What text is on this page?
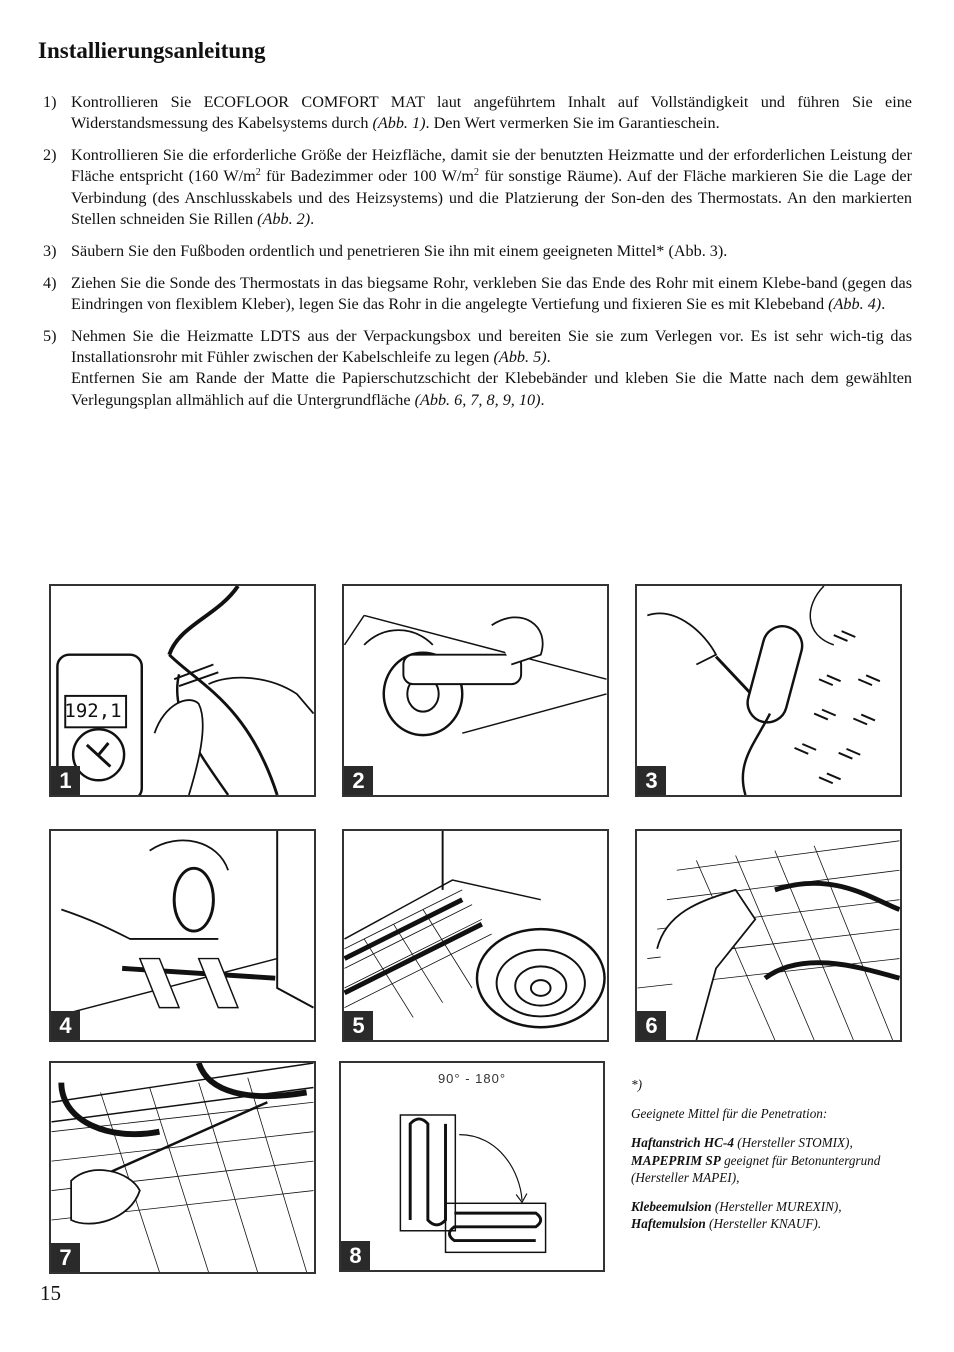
Installierungsanleitung
1) Kontrollieren Sie ECOFLOOR COMFORT MAT laut angeführtem Inhalt auf Vollständigkeit und führen Sie eine Widerstandsmessung des Kabelsystems durch (Abb. 1). Den Wert vermerken Sie im Garantieschein.
2) Kontrollieren Sie die erforderliche Größe der Heizfläche, damit sie der benutzten Heizmatte und der erforderlichen Leistung der Fläche entspricht (160 $W/m^2$ für Badezimmer oder 100 $W/m^2$ für sonstige Räume). Auf der Fläche markieren Sie die Lage der Verbindung (des Anschlusskabels und des Heizsystems) und die Platzierung der Son-den des Thermostats. An den markierten Stellen schneiden Sie Rillen (Abb. 2).
3) Säubern Sie den Fußboden ordentlich und penetrieren Sie ihn mit einem geeigneten Mittel* (Abb. 3).
4) Ziehen Sie die Sonde des Thermostats in das biegsame Rohr, verkleben Sie das Ende des Rohr mit einem Klebe-band (gegen das Eindringen von flexiblem Kleber), legen Sie das Rohr in die angelegte Vertiefung und fixieren Sie es mit Klebeband (Abb. 4).
5) Nehmen Sie die Heizmatte LDTS aus der Verpackungsbox und bereiten Sie sie zum Verlegen vor. Es ist sehr wich-tig das Installationsrohr mit Fühler zwischen der Kabelschleife zu legen (Abb. 5).
Entfernen Sie am Rande der Matte die Papierschutzschicht der Klebebänder und kleben Sie die Matte nach dem gewählten Verlegungsplan allmählich auf die Untergrundfläche (Abb. 6, 7, 8, 9, 10).
1
192,1
2	3
4	5	6
7
90° - 180°
8

*)

Geeignete Mittel für die Penetration:

Haftanstrich HC-4 (Hersteller STOMIX), MAPEPRIM SP geeignet für Betonuntergrund (Hersteller MAPEI),

Klebeemulsion (Hersteller MUREXIN), Haftemulsion (Hersteller KNAUF).

15
